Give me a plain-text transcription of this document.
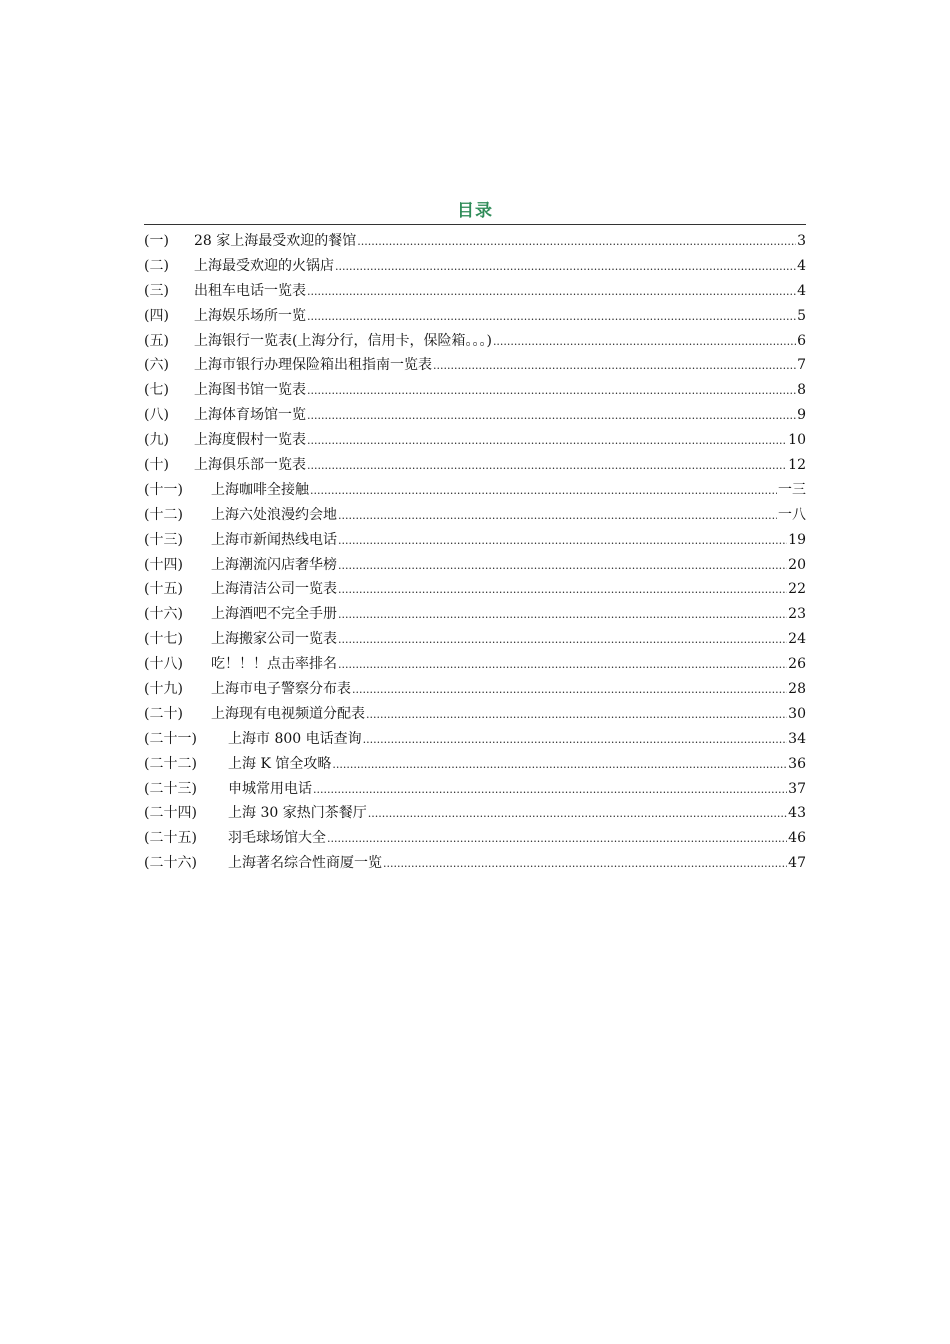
目录
(一)	28 家上海最受欢迎的餐馆 .....	3
(二)	上海最受欢迎的火锅店 .....	4
(三)	出租车电话一览表 .....	4
(四)	上海娱乐场所一览 .....	5
(五)	上海银行一览表(上海分行，信用卡，保险箱。。。) .....	6
(六)	上海市银行办理保险箱出租指南一览表 .....	7
(七)	上海图书馆一览表 .....	8
(八)	上海体育场馆一览 .....	9
(九)	上海度假村一览表 .....	10
(十)	上海俱乐部一览表 .....	12
(十一)	上海咖啡全接触 .....	一三
(十二)	上海六处浪漫约会地 .....	一八
(十三)	上海市新闻热线电话 .....	19
(十四)	上海潮流闪店奢华榜 .....	20
(十五)	上海清洁公司一览表 .....	22
(十六)	上海酒吧不完全手册 .....	23
(十七)	上海搬家公司一览表 .....	24
(十八)	吃！！！点击率排名 .....	26
(十九)	上海市电子警察分布表 .....	28
(二十)	上海现有电视频道分配表 .....	30
(二十一)	上海市 800 电话查询 .....	34
(二十二)	上海 K 馆全攻略 .....	36
(二十三)	申城常用电话 .....	37
(二十四)	上海 30 家热门茶餐厅 .....	43
(二十五)	羽毛球场馆大全 .....	46
(二十六)	上海著名综合性商厦一览 .....	47
